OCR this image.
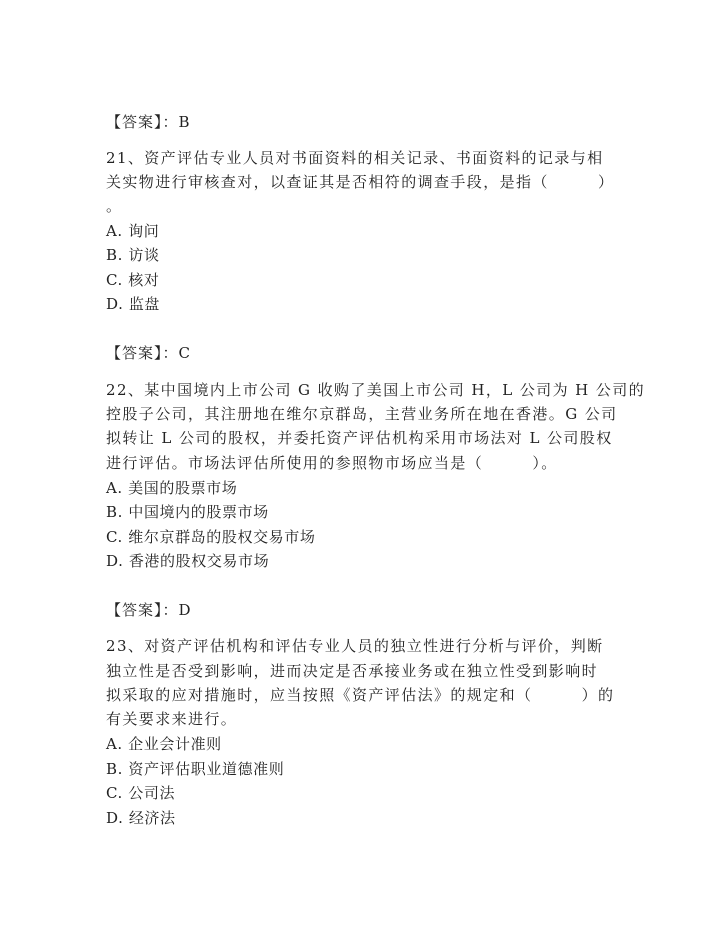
【答案】：B
21、资产评估专业人员对书面资料的相关记录、书面资料的记录与相
关实物进行审核查对，以查证其是否相符的调查手段，是指（　　　）
。
A. 询问
B. 访谈
C. 核对
D. 监盘
【答案】：C
22、某中国境内上市公司 G 收购了美国上市公司 H，L 公司为 H 公司的
控股子公司，其注册地在维尔京群岛，主营业务所在地在香港。G 公司
拟转让 L 公司的股权，并委托资产评估机构采用市场法对 L 公司股权
进行评估。市场法评估所使用的参照物市场应当是（　　　）。
A. 美国的股票市场
B. 中国境内的股票市场
C. 维尔京群岛的股权交易市场
D. 香港的股权交易市场
【答案】：D
23、对资产评估机构和评估专业人员的独立性进行分析与评价，判断
独立性是否受到影响，进而决定是否承接业务或在独立性受到影响时
拟采取的应对措施时，应当按照《资产评估法》的规定和（　　　）的
有关要求来进行。
A. 企业会计准则
B. 资产评估职业道德准则
C. 公司法
D. 经济法
